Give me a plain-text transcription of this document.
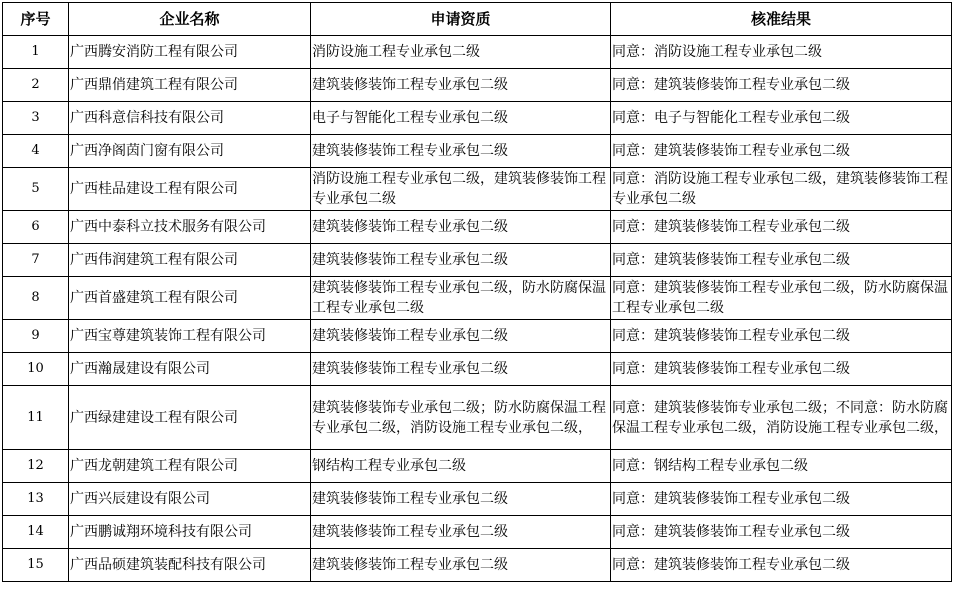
序号	企业名称	申请资质	核准结果
1	广西腾安消防工程有限公司	消防设施工程专业承包二级	同意：消防设施工程专业承包二级
2	广西鼎俏建筑工程有限公司	建筑装修装饰工程专业承包二级	同意：建筑装修装饰工程专业承包二级
3	广西科意信科技有限公司	电子与智能化工程专业承包二级	同意：电子与智能化工程专业承包二级
4	广西净阁茵门窗有限公司	建筑装修装饰工程专业承包二级	同意：建筑装修装饰工程专业承包二级
5	广西桂品建设工程有限公司	消防设施工程专业承包二级，建筑装修装饰工程专业承包二级	同意：消防设施工程专业承包二级，建筑装修装饰工程专业承包二级
6	广西中泰科立技术服务有限公司	建筑装修装饰工程专业承包二级	同意：建筑装修装饰工程专业承包二级
7	广西伟润建筑工程有限公司	建筑装修装饰工程专业承包二级	同意：建筑装修装饰工程专业承包二级
8	广西首盛建筑工程有限公司	建筑装修装饰工程专业承包二级，防水防腐保温工程专业承包二级	同意：建筑装修装饰工程专业承包二级，防水防腐保温工程专业承包二级
9	广西宝尊建筑装饰工程有限公司	建筑装修装饰工程专业承包二级	同意：建筑装修装饰工程专业承包二级
10	广西瀚晟建设有限公司	建筑装修装饰工程专业承包二级	同意：建筑装修装饰工程专业承包二级
11	广西绿建建设工程有限公司	建筑装修装饰专业承包二级；防水防腐保温工程专业承包二级，消防设施工程专业承包二级，	同意：建筑装修装饰专业承包二级；不同意：防水防腐保温工程专业承包二级，消防设施工程专业承包二级，
12	广西龙朝建筑工程有限公司	钢结构工程专业承包二级	同意：钢结构工程专业承包二级
13	广西兴辰建设有限公司	建筑装修装饰工程专业承包二级	同意：建筑装修装饰工程专业承包二级
14	广西鹏诚翔环境科技有限公司	建筑装修装饰工程专业承包二级	同意：建筑装修装饰工程专业承包二级
15	广西品硕建筑装配科技有限公司	建筑装修装饰工程专业承包二级	同意：建筑装修装饰工程专业承包二级
